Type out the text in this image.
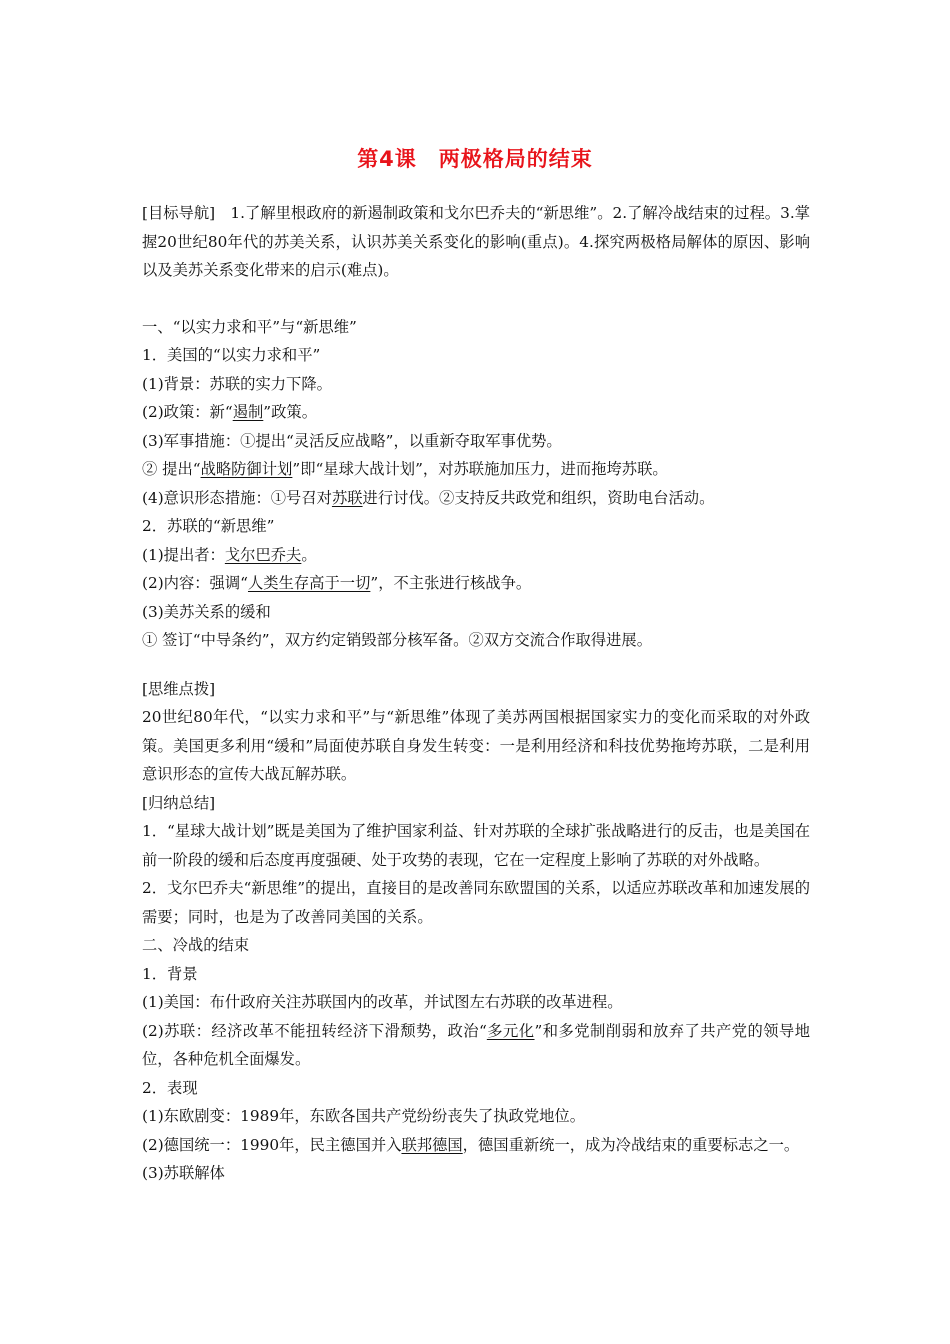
第4课　两极格局的结束

[目标导航]　1.了解里根政府的新遏制政策和戈尔巴乔夫的“新思维”。2.了解冷战结束的过程。3.掌握20世纪80年代的苏美关系，认识苏美关系变化的影响(重点)。4.探究两极格局解体的原因、影响以及美苏关系变化带来的启示(难点)。

一、“以实力求和平”与“新思维”

1．美国的“以实力求和平”

(1)背景：苏联的实力下降。

(2)政策：新“遏制”政策。

(3)军事措施：①提出“灵活反应战略”，以重新夺取军事优势。

② 提出“战略防御计划”即“星球大战计划”，对苏联施加压力，进而拖垮苏联。

(4)意识形态措施：①号召对苏联进行讨伐。②支持反共政党和组织，资助电台活动。

2．苏联的“新思维”

(1)提出者：戈尔巴乔夫。

(2)内容：强调“人类生存高于一切”，不主张进行核战争。

(3)美苏关系的缓和

① 签订“中导条约”，双方约定销毁部分核军备。②双方交流合作取得进展。

[思维点拨]

20世纪80年代，“以实力求和平”与“新思维”体现了美苏两国根据国家实力的变化而采取的对外政策。美国更多利用“缓和”局面使苏联自身发生转变：一是利用经济和科技优势拖垮苏联，二是利用意识形态的宣传大战瓦解苏联。

[归纳总结]

1．“星球大战计划”既是美国为了维护国家利益、针对苏联的全球扩张战略进行的反击，也是美国在前一阶段的缓和后态度再度强硬、处于攻势的表现，它在一定程度上影响了苏联的对外战略。

2．戈尔巴乔夫“新思维”的提出，直接目的是改善同东欧盟国的关系，以适应苏联改革和加速发展的需要；同时，也是为了改善同美国的关系。

二、冷战的结束

1．背景

(1)美国：布什政府关注苏联国内的改革，并试图左右苏联的改革进程。

(2)苏联：经济改革不能扭转经济下滑颓势，政治“多元化”和多党制削弱和放弃了共产党的领导地位，各种危机全面爆发。

2．表现

(1)东欧剧变：1989年，东欧各国共产党纷纷丧失了执政党地位。

(2)德国统一：1990年，民主德国并入联邦德国，德国重新统一，成为冷战结束的重要标志之一。

(3)苏联解体
